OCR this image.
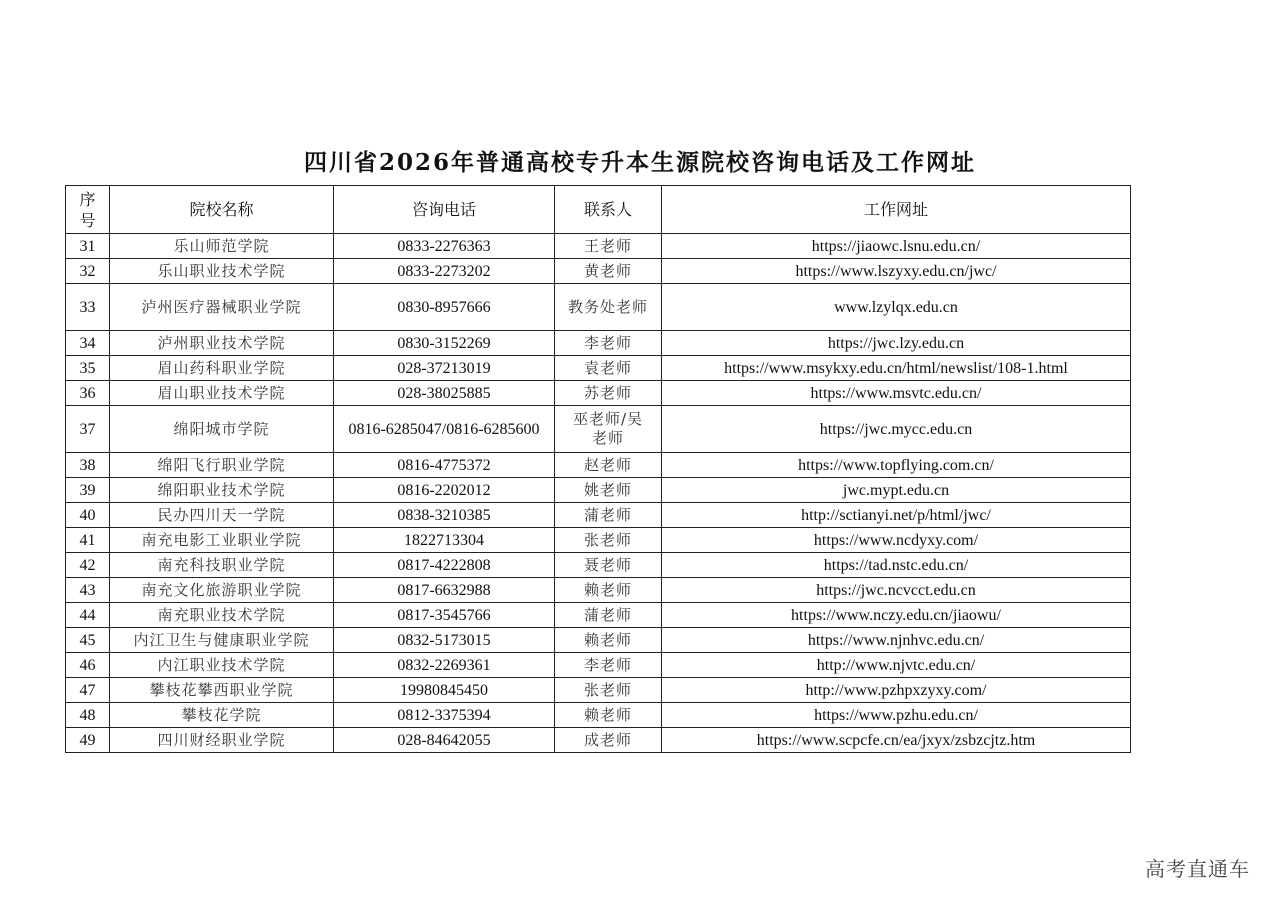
四川省2026年普通高校专升本生源院校咨询电话及工作网址
序号	院校名称	咨询电话	联系人	工作网址
31	乐山师范学院	0833-2276363	王老师	https://jiaowc.lsnu.edu.cn/
32	乐山职业技术学院	0833-2273202	黄老师	https://www.lszyxy.edu.cn/jwc/
33	泸州医疗器械职业学院	0830-8957666	教务处老师	www.lzylqx.edu.cn
34	泸州职业技术学院	0830-3152269	李老师	https://jwc.lzy.edu.cn
35	眉山药科职业学院	028-37213019	袁老师	https://www.msykxy.edu.cn/html/newslist/108-1.html
36	眉山职业技术学院	028-38025885	苏老师	https://www.msvtc.edu.cn/
37	绵阳城市学院	0816-6285047/0816-6285600	巫老师/吴老师	https://jwc.mycc.edu.cn
38	绵阳飞行职业学院	0816-4775372	赵老师	https://www.topflying.com.cn/
39	绵阳职业技术学院	0816-2202012	姚老师	jwc.mypt.edu.cn
40	民办四川天一学院	0838-3210385	蒲老师	http://sctianyi.net/p/html/jwc/
41	南充电影工业职业学院	1822713304	张老师	https://www.ncdyxy.com/
42	南充科技职业学院	0817-4222808	聂老师	https://tad.nstc.edu.cn/
43	南充文化旅游职业学院	0817-6632988	赖老师	https://jwc.ncvcct.edu.cn
44	南充职业技术学院	0817-3545766	蒲老师	https://www.nczy.edu.cn/jiaowu/
45	内江卫生与健康职业学院	0832-5173015	赖老师	https://www.njnhvc.edu.cn/
46	内江职业技术学院	0832-2269361	李老师	http://www.njvtc.edu.cn/
47	攀枝花攀西职业学院	19980845450	张老师	http://www.pzhpxzyxy.com/
48	攀枝花学院	0812-3375394	赖老师	https://www.pzhu.edu.cn/
49	四川财经职业学院	028-84642055	成老师	https://www.scpcfe.cn/ea/jxyx/zsbzcjtz.htm
高考直通车
